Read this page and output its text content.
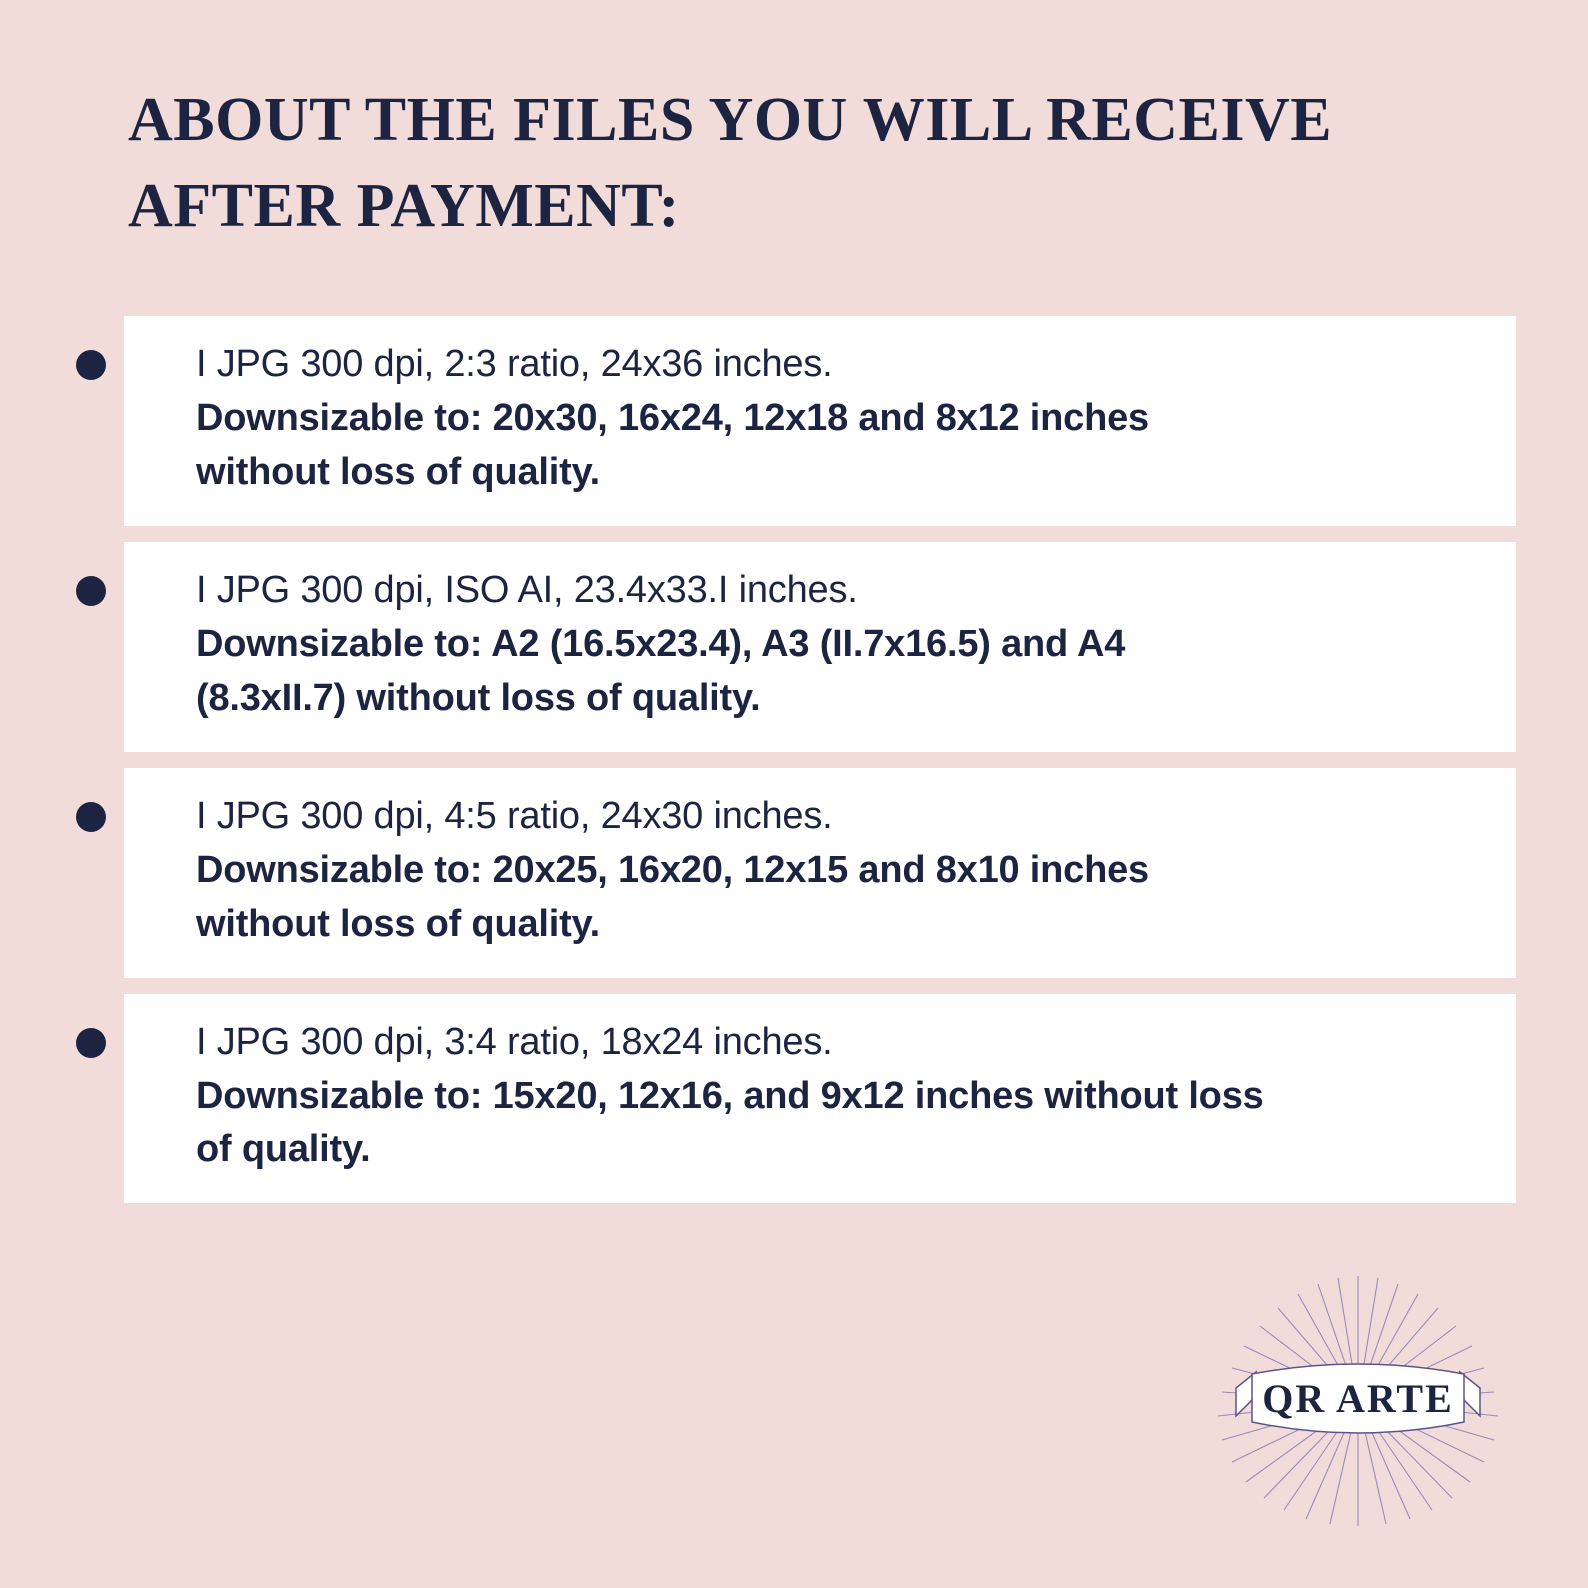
ABOUT THE FILES YOU WILL RECEIVE AFTER PAYMENT:
I JPG 300 dpi, 2:3 ratio, 24x36 inches.
Downsizable to: 20x30, 16x24, 12x18 and 8x12 inches
without loss of quality.
I JPG 300 dpi, ISO AI, 23.4x33.I inches.
Downsizable to: A2 (16.5x23.4), A3 (II.7x16.5) and A4
(8.3xII.7) without loss of quality.
I JPG 300 dpi, 4:5 ratio, 24x30 inches.
Downsizable to: 20x25, 16x20, 12x15 and 8x10 inches
without loss of quality.
I JPG 300 dpi, 3:4 ratio, 18x24 inches.
Downsizable to: 15x20, 12x16, and 9x12 inches without loss
of quality.
QR ARTE
